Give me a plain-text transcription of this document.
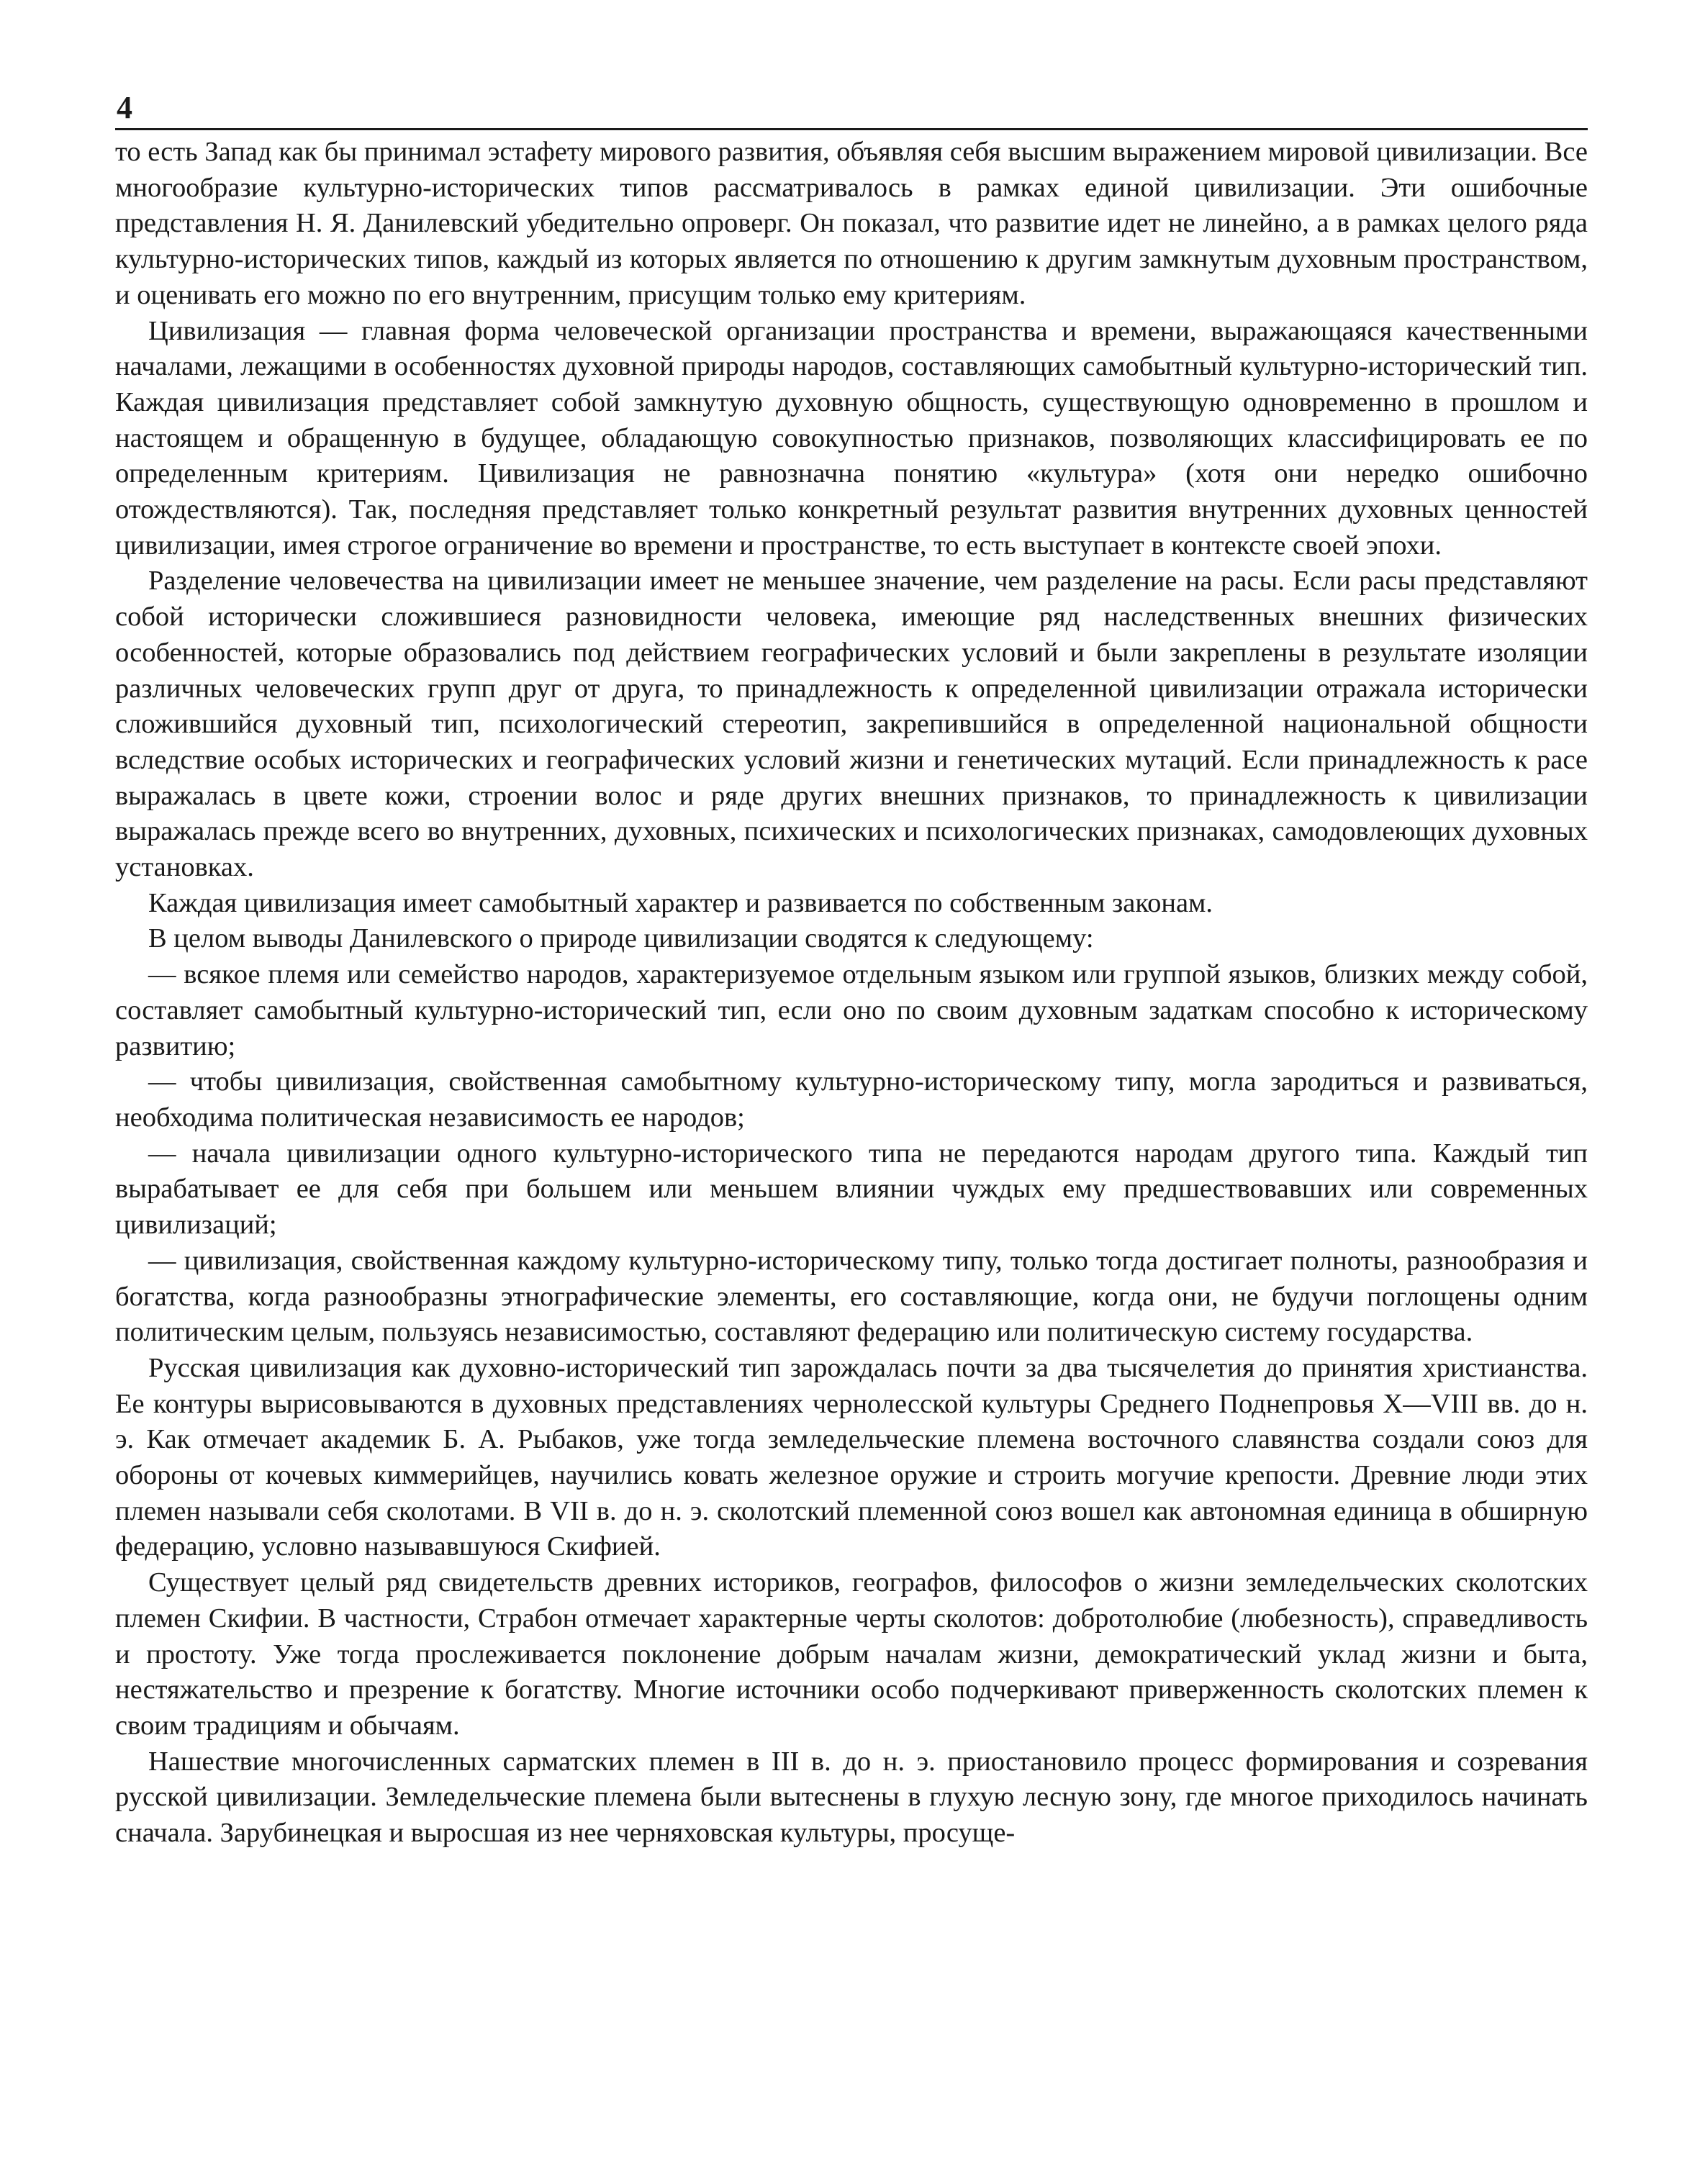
4

то есть Запад как бы принимал эстафету мирового развития, объявляя себя высшим выражением мировой цивилизации. Все многообразие культурно-исторических типов рассматривалось в рамках единой цивилизации. Эти ошибочные представления Н. Я. Данилевский убедительно опроверг. Он показал, что развитие идет не линейно, а в рамках целого ряда культурно-исторических типов, каждый из которых является по отношению к другим замкнутым духовным пространством, и оценивать его можно по его внутренним, присущим только ему критериям.

Цивилизация — главная форма человеческой организации пространства и времени, выражающаяся качественными началами, лежащими в особенностях духовной природы народов, составляющих самобытный культурно-исторический тип. Каждая цивилизация представляет собой замкнутую духовную общность, существующую одновременно в прошлом и настоящем и обращенную в будущее, обладающую совокупностью признаков, позволяющих классифицировать ее по определенным критериям. Цивилизация не равнозначна понятию «культура» (хотя они нередко ошибочно отождествляются). Так, последняя представляет только конкретный результат развития внутренних духовных ценностей цивилизации, имея строгое ограничение во времени и пространстве, то есть выступает в контексте своей эпохи.

Разделение человечества на цивилизации имеет не меньшее значение, чем разделение на расы. Если расы представляют собой исторически сложившиеся разновидности человека, имеющие ряд наследственных внешних физических особенностей, которые образовались под действием географических условий и были закреплены в результате изоляции различных человеческих групп друг от друга, то принадлежность к определенной цивилизации отражала исторически сложившийся духовный тип, психологический стереотип, закрепившийся в определенной национальной общности вследствие особых исторических и географических условий жизни и генетических мутаций. Если принадлежность к расе выражалась в цвете кожи, строении волос и ряде других внешних признаков, то принадлежность к цивилизации выражалась прежде всего во внутренних, духовных, психических и психологических признаках, самодовлеющих духовных установках.

Каждая цивилизация имеет самобытный характер и развивается по собственным законам.

В целом выводы Данилевского о природе цивилизации сводятся к следующему:

— всякое племя или семейство народов, характеризуемое отдельным языком или группой языков, близких между собой, составляет самобытный культурно-исторический тип, если оно по своим духовным задаткам способно к историческому развитию;

— чтобы цивилизация, свойственная самобытному культурно-историческому типу, могла зародиться и развиваться, необходима политическая независимость ее народов;

— начала цивилизации одного культурно-исторического типа не передаются народам другого типа. Каждый тип вырабатывает ее для себя при большем или меньшем влиянии чуждых ему предшествовавших или современных цивилизаций;

— цивилизация, свойственная каждому культурно-историческому типу, только тогда достигает полноты, разнообразия и богатства, когда разнообразны этнографические элементы, его составляющие, когда они, не будучи поглощены одним политическим целым, пользуясь независимостью, составляют федерацию или политическую систему государства.

Русская цивилизация как духовно-исторический тип зарождалась почти за два тысячелетия до принятия христианства. Ее контуры вырисовываются в духовных представлениях чернолесской культуры Среднего Поднепровья X—VIII вв. до н. э. Как отмечает академик Б. А. Рыбаков, уже тогда земледельческие племена восточного славянства создали союз для обороны от кочевых киммерийцев, научились ковать железное оружие и строить могучие крепости. Древние люди этих племен называли себя сколотами. В VII в. до н. э. сколотский племенной союз вошел как автономная единица в обширную федерацию, условно называвшуюся Скифией.

Существует целый ряд свидетельств древних историков, географов, философов о жизни земледельческих сколотских племен Скифии. В частности, Страбон отмечает характерные черты сколотов: добротолюбие (любезность), справедливость и простоту. Уже тогда прослеживается поклонение добрым началам жизни, демократический уклад жизни и быта, нестяжательство и презрение к богатству. Многие источники особо подчеркивают приверженность сколотских племен к своим традициям и обычаям.

Нашествие многочисленных сарматских племен в III в. до н. э. приостановило процесс формирования и созревания русской цивилизации. Земледельческие племена были вытеснены в глухую лесную зону, где многое приходилось начинать сначала. Зарубинецкая и выросшая из нее черняховская культуры, просуще-
